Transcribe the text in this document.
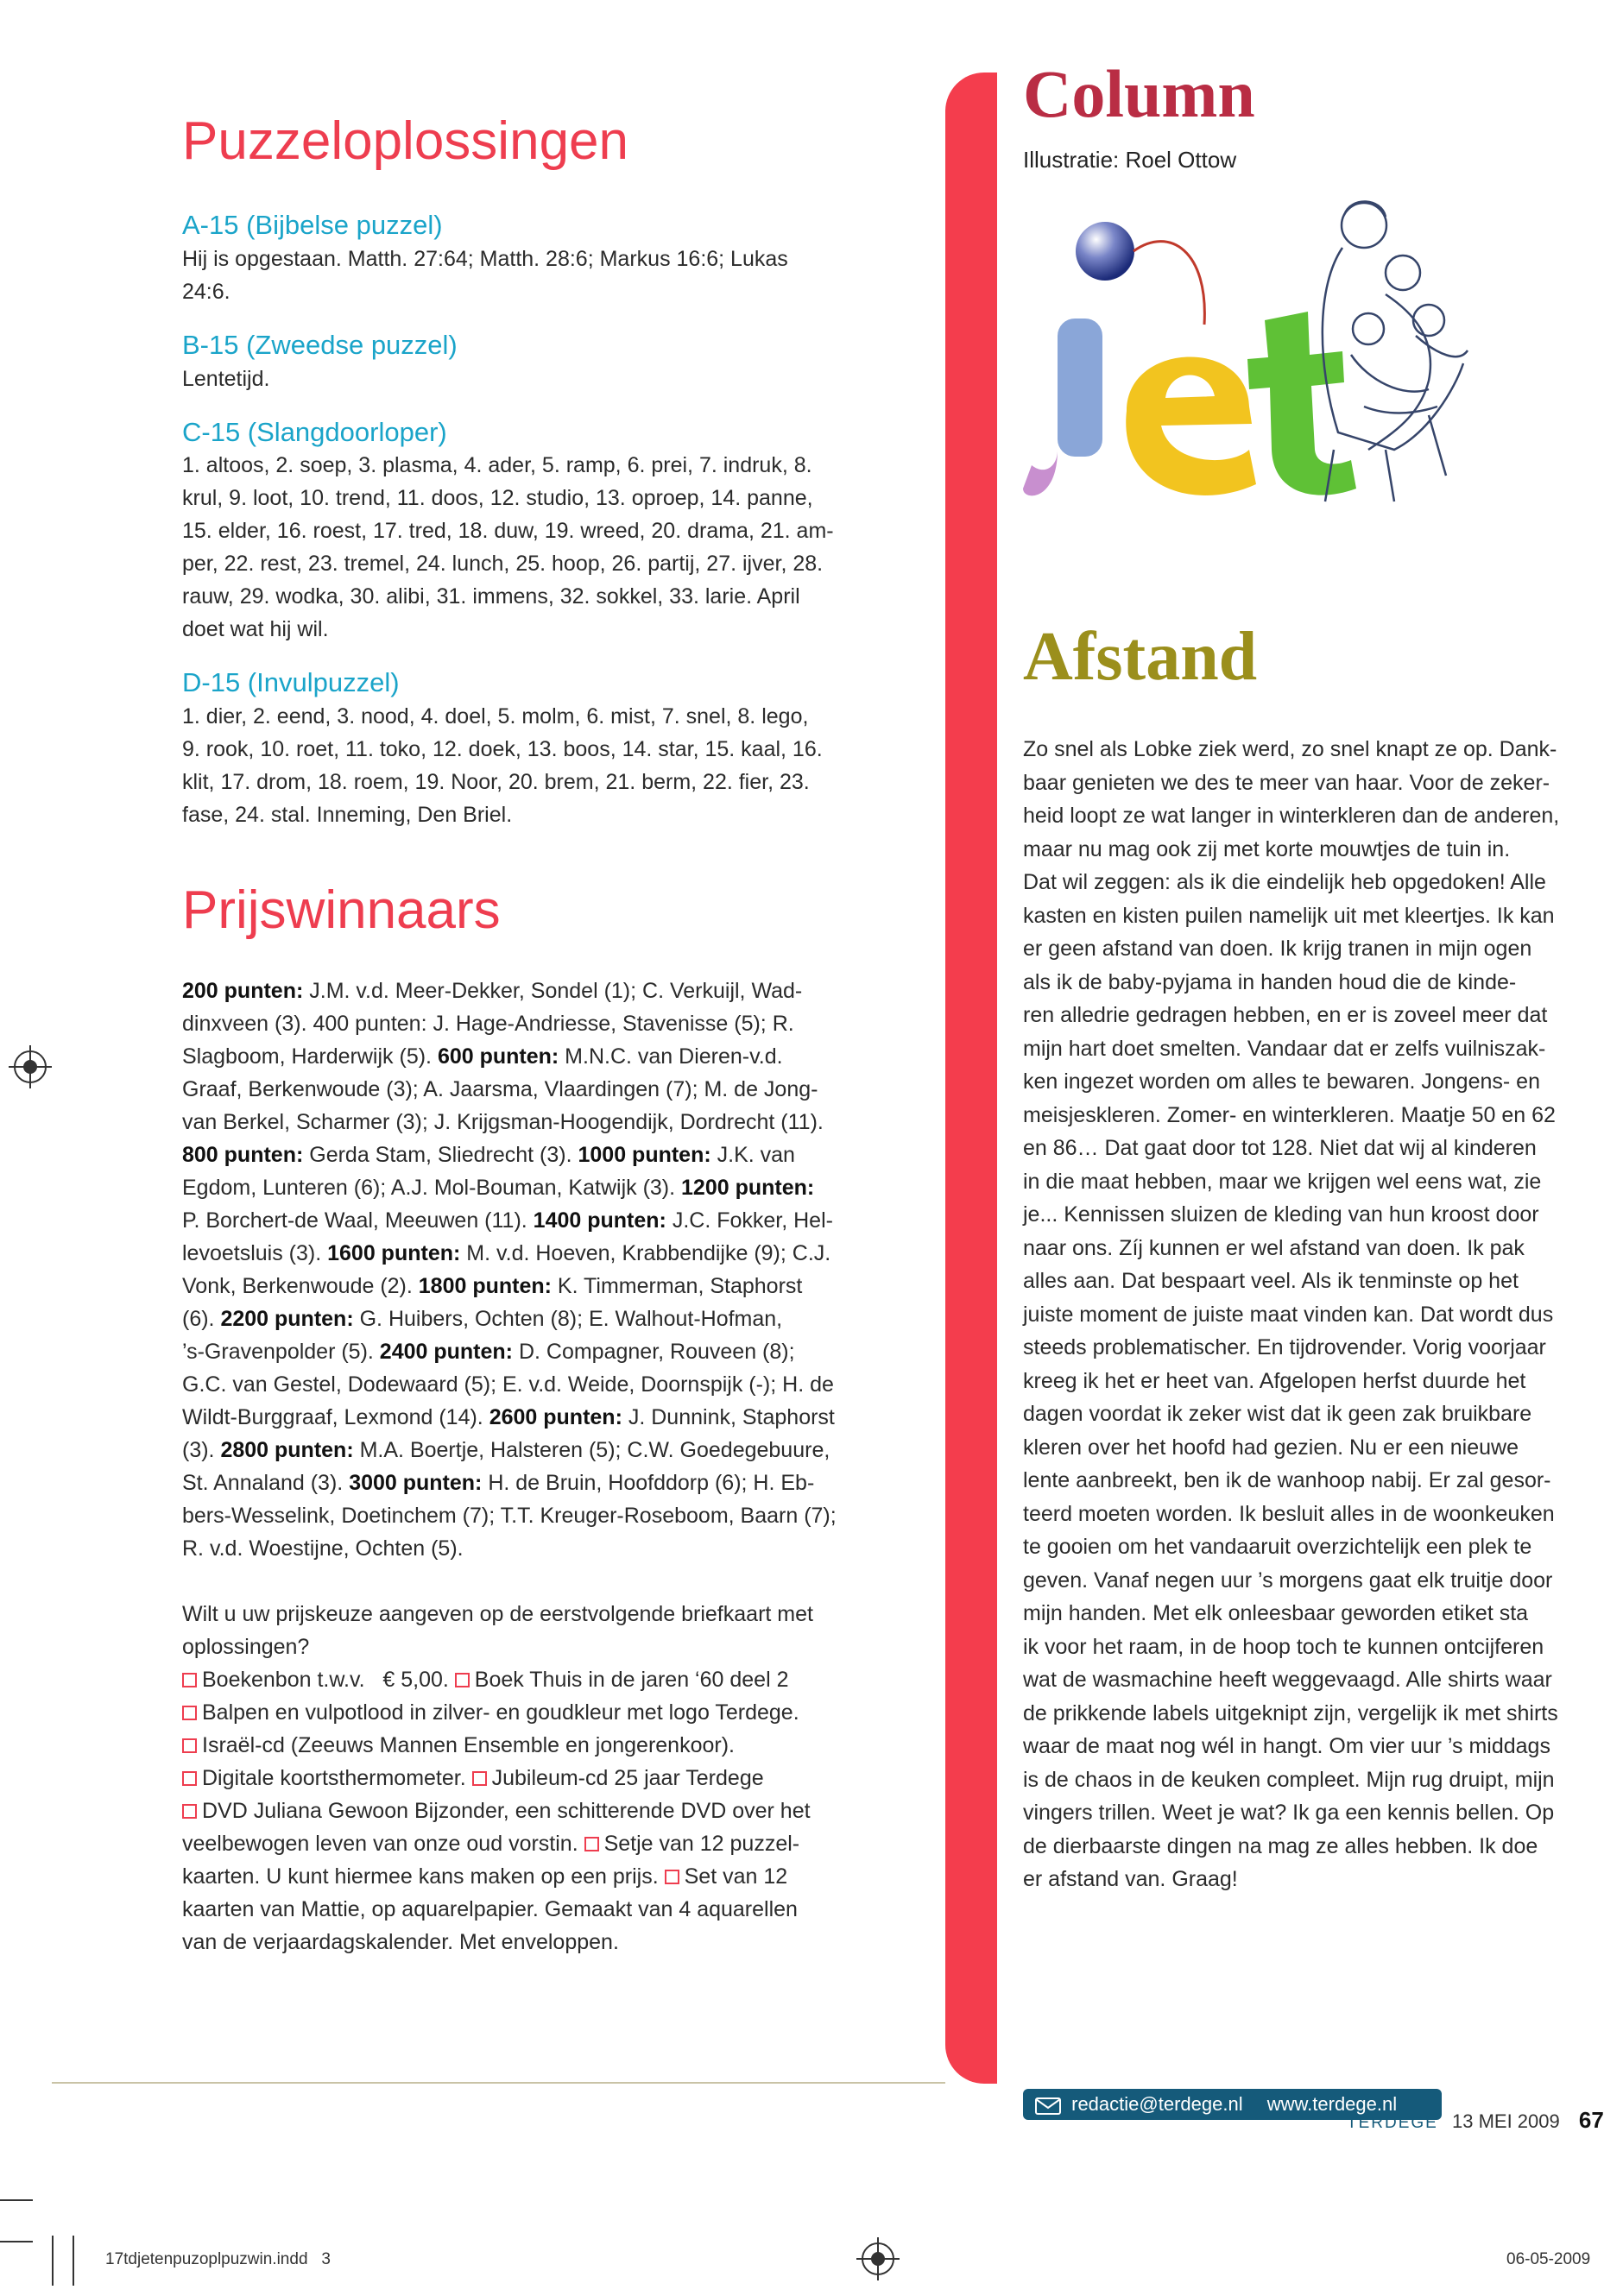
Puzzeloplossingen
A-15 (Bijbelse puzzel)
Hij is opgestaan. Matth. 27:64; Matth. 28:6; Markus 16:6; Lukas
24:6.
B-15 (Zweedse puzzel)
Lentetijd.
C-15 (Slangdoorloper)
1. altoos, 2. soep, 3. plasma, 4. ader, 5. ramp, 6. prei, 7. indruk, 8.
krul, 9. loot, 10. trend, 11. doos, 12. studio, 13. oproep, 14. panne,
15. elder, 16. roest, 17. tred, 18. duw, 19. wreed, 20. drama, 21. am-
per, 22. rest, 23. tremel, 24. lunch, 25. hoop, 26. partij, 27. ijver, 28.
rauw, 29. wodka, 30. alibi, 31. immens, 32. sokkel, 33. larie. April
doet wat hij wil.
D-15 (Invulpuzzel)
1. dier, 2. eend, 3. nood, 4. doel, 5. molm, 6. mist, 7. snel, 8. lego,
9. rook, 10. roet, 11. toko, 12. doek, 13. boos, 14. star, 15. kaal, 16.
klit, 17. drom, 18. roem, 19. Noor, 20. brem, 21. berm, 22. fier, 23.
fase, 24. stal. Inneming, Den Briel.
Prijswinnaars
200 punten: J.M. v.d. Meer-Dekker, Sondel (1); C. Verkuijl, Wad-
dinxveen (3). 400 punten: J. Hage-Andriesse, Stavenisse (5); R.
Slagboom, Harderwijk (5). 600 punten: M.N.C. van Dieren-v.d.
Graaf, Berkenwoude (3); A. Jaarsma, Vlaardingen (7); M. de Jong-
van Berkel, Scharmer (3); J. Krijgsman-Hoogendijk, Dordrecht (11).
800 punten: Gerda Stam, Sliedrecht (3). 1000 punten: J.K. van
Egdom, Lunteren (6); A.J. Mol-Bouman, Katwijk (3). 1200 punten:
P. Borchert-de Waal, Meeuwen (11). 1400 punten: J.C. Fokker, Hel-
levoetsluis (3). 1600 punten: M. v.d. Hoeven, Krabbendijke (9); C.J.
Vonk, Berkenwoude (2). 1800 punten: K. Timmerman, Staphorst
(6). 2200 punten: G. Huibers, Ochten (8); E. Walhout-Hofman,
’s-Gravenpolder (5). 2400 punten: D. Compagner, Rouveen (8);
G.C. van Gestel, Dodewaard (5); E. v.d. Weide, Doornspijk (-); H. de
Wildt-Burggraaf, Lexmond (14). 2600 punten: J. Dunnink, Staphorst
(3). 2800 punten: M.A. Boertje, Halsteren (5); C.W. Goedegebuure,
St. Annaland (3). 3000 punten: H. de Bruin, Hoofddorp (6); H. Eb-
bers-Wesselink, Doetinchem (7); T.T. Kreuger-Roseboom, Baarn (7);
R. v.d. Woestijne, Ochten (5).
Wilt u uw prijskeuze aangeven op de eerstvolgende briefkaart met
oplossingen?
Boekenbon t.w.v.   € 5,00. Boek Thuis in de jaren ‘60 deel 2
Balpen en vulpotlood in zilver- en goudkleur met logo Terdege.
Israël-cd (Zeeuws Mannen Ensemble en jongerenkoor).
Digitale koortsthermometer. Jubileum-cd 25 jaar Terdege
DVD Juliana Gewoon Bijzonder, een schitterende DVD over het
veelbewogen leven van onze oud vorstin. Setje van 12 puzzel-
kaarten. U kunt hiermee kans maken op een prijs. Set van 12
kaarten van Mattie, op aquarelpapier. Gemaakt van 4 aquarellen
van de verjaardagskalender. Met enveloppen.
Column
Illustratie: Roel Ottow
Afstand
Zo snel als Lobke ziek werd, zo snel knapt ze op. Dank-
baar genieten we des te meer van haar. Voor de zeker-
heid loopt ze wat langer in winterkleren dan de anderen,
maar nu mag ook zij met korte mouwtjes de tuin in.
Dat wil zeggen: als ik die eindelijk heb opgedoken! Alle
kasten en kisten puilen namelijk uit met kleertjes. Ik kan
er geen afstand van doen. Ik krijg tranen in mijn ogen
als ik de baby-pyjama in handen houd die de kinde-
ren alledrie gedragen hebben, en er is zoveel meer dat
mijn hart doet smelten. Vandaar dat er zelfs vuilniszak-
ken ingezet worden om alles te bewaren. Jongens- en
meisjeskleren. Zomer- en winterkleren. Maatje 50 en 62
en 86… Dat gaat door tot 128. Niet dat wij al kinderen
in die maat hebben, maar we krijgen wel eens wat, zie
je... Kennissen sluizen de kleding van hun kroost door
naar ons. Zíj kunnen er wel afstand van doen. Ik pak
alles aan. Dat bespaart veel. Als ik tenminste op het
juiste moment de juiste maat vinden kan. Dat wordt dus
steeds problematischer. En tijdrovender. Vorig voorjaar
kreeg ik het er heet van. Afgelopen herfst duurde het
dagen voordat ik zeker wist dat ik geen zak bruikbare
kleren over het hoofd had gezien. Nu er een nieuwe
lente aanbreekt, ben ik de wanhoop nabij. Er zal gesor-
teerd moeten worden. Ik besluit alles in de woonkeuken
te gooien om het vandaaruit overzichtelijk een plek te
geven. Vanaf negen uur ’s morgens gaat elk truitje door
mijn handen. Met elk onleesbaar geworden etiket sta
ik voor het raam, in de hoop toch te kunnen ontcijferen
wat de wasmachine heeft weggevaagd. Alle shirts waar
de prikkende labels uitgeknipt zijn, vergelijk ik met shirts
waar de maat nog wél in hangt. Om vier uur ’s middags
is de chaos in de keuken compleet. Mijn rug druipt, mijn
vingers trillen. Weet je wat? Ik ga een kennis bellen. Op
de dierbaarste dingen na mag ze alles hebben. Ik doe
er afstand van. Graag!
redactie@terdege.nl www.terdege.nl
TERDEGE 13 MEI 2009 67
17tdjetenpuzoplpuzwin.indd   3	06-05-2009
